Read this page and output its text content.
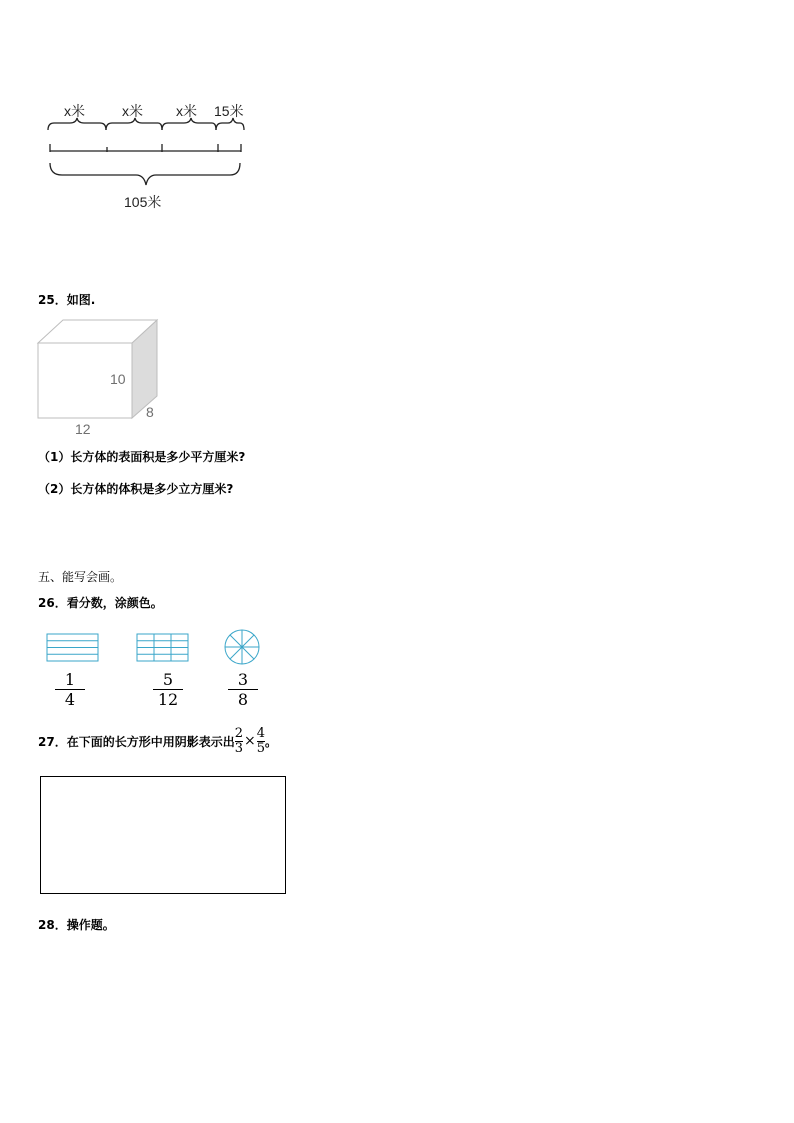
x米	x米 x米 15米
105米
25．如图.
10
8
12
（1）长方体的表面积是多少平方厘米?
（2）长方体的体积是多少立方厘米?
五、能写会画。
26．看分数，涂颜色。
1
4
5
12
3
8
27．在下面的长方形中用阴影表示出 $\frac{2}{3} \times \frac{4}{5}$ 。
28．操作题。
